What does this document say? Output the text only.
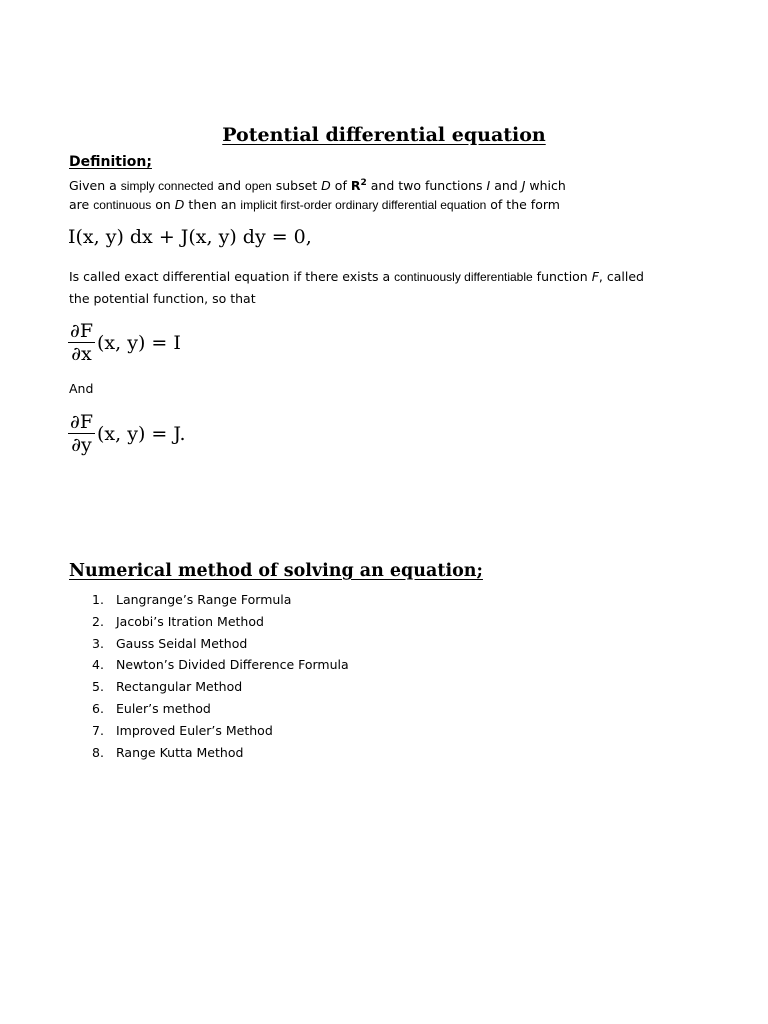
Potential differential equation
Definition;
Given a simply connected and open subset D of $R^2$ and two functions I and J which
are continuous on D then an implicit first-order ordinary differential equation of the form
I(x, y) dx + J(x, y) dy = 0,
Is called exact differential equation if there exists a continuously differentiable function F, called
the potential function, so that
$\frac{\partial F}{\partial x} (x$, y) = I
And
$\frac{\partial F}{\partial y} (x$, y) = J.
Numerical method of solving an equation;
1. Langrange’s Range Formula
2. Jacobi’s Itration Method
3. Gauss Seidal Method
4. Newton’s Divided Difference Formula
5. Rectangular Method
6. Euler’s method
7. Improved Euler’s Method
8. Range Kutta Method
